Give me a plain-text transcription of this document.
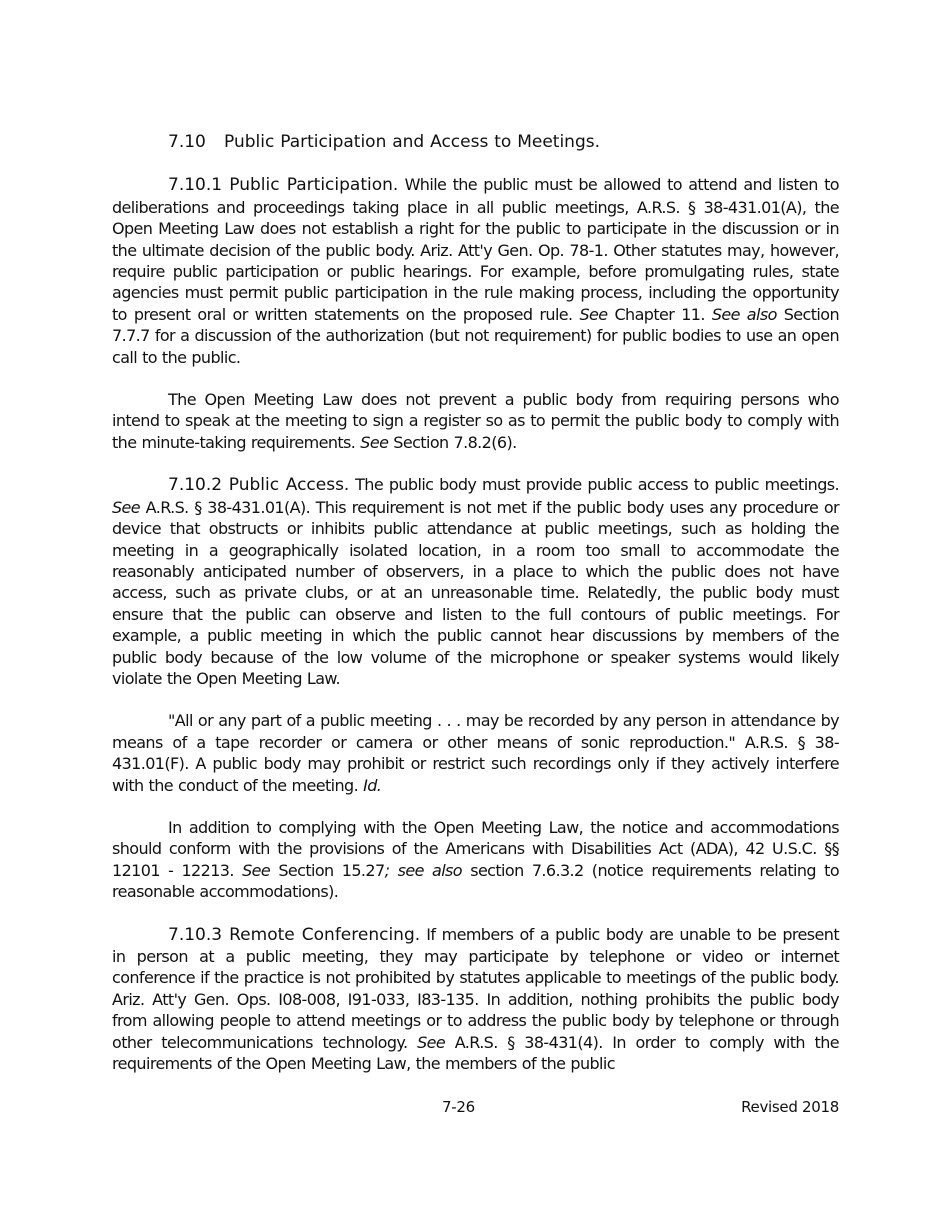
7.10 Public Participation and Access to Meetings.

7.10.1 Public Participation. While the public must be allowed to attend and listen to deliberations and proceedings taking place in all public meetings, A.R.S. § 38-431.01(A), the Open Meeting Law does not establish a right for the public to participate in the discussion or in the ultimate decision of the public body. Ariz. Att'y Gen. Op. 78-1. Other statutes may, however, require public participation or public hearings. For example, before promulgating rules, state agencies must permit public participation in the rule making process, including the opportunity to present oral or written statements on the proposed rule. See Chapter 11. See also Section 7.7.7 for a discussion of the authorization (but not requirement) for public bodies to use an open call to the public.

The Open Meeting Law does not prevent a public body from requiring persons who intend to speak at the meeting to sign a register so as to permit the public body to comply with the minute-taking requirements. See Section 7.8.2(6).

7.10.2 Public Access. The public body must provide public access to public meetings. See A.R.S. § 38-431.01(A). This requirement is not met if the public body uses any procedure or device that obstructs or inhibits public attendance at public meetings, such as holding the meeting in a geographically isolated location, in a room too small to accommodate the reasonably anticipated number of observers, in a place to which the public does not have access, such as private clubs, or at an unreasonable time. Relatedly, the public body must ensure that the public can observe and listen to the full contours of public meetings. For example, a public meeting in which the public cannot hear discussions by members of the public body because of the low volume of the microphone or speaker systems would likely violate the Open Meeting Law.

"All or any part of a public meeting . . . may be recorded by any person in attendance by means of a tape recorder or camera or other means of sonic reproduction." A.R.S. § 38-431.01(F). A public body may prohibit or restrict such recordings only if they actively interfere with the conduct of the meeting. Id.

In addition to complying with the Open Meeting Law, the notice and accommodations should conform with the provisions of the Americans with Disabilities Act (ADA), 42 U.S.C. §§ 12101 - 12213. See Section 15.27; see also section 7.6.3.2 (notice requirements relating to reasonable accommodations).

7.10.3 Remote Conferencing. If members of a public body are unable to be present in person at a public meeting, they may participate by telephone or video or internet conference if the practice is not prohibited by statutes applicable to meetings of the public body. Ariz. Att'y Gen. Ops. I08-008, I91-033, I83-135. In addition, nothing prohibits the public body from allowing people to attend meetings or to address the public body by telephone or through other telecommunications technology. See A.R.S. § 38-431(4). In order to comply with the requirements of the Open Meeting Law, the members of the public

7-26	Revised 2018
